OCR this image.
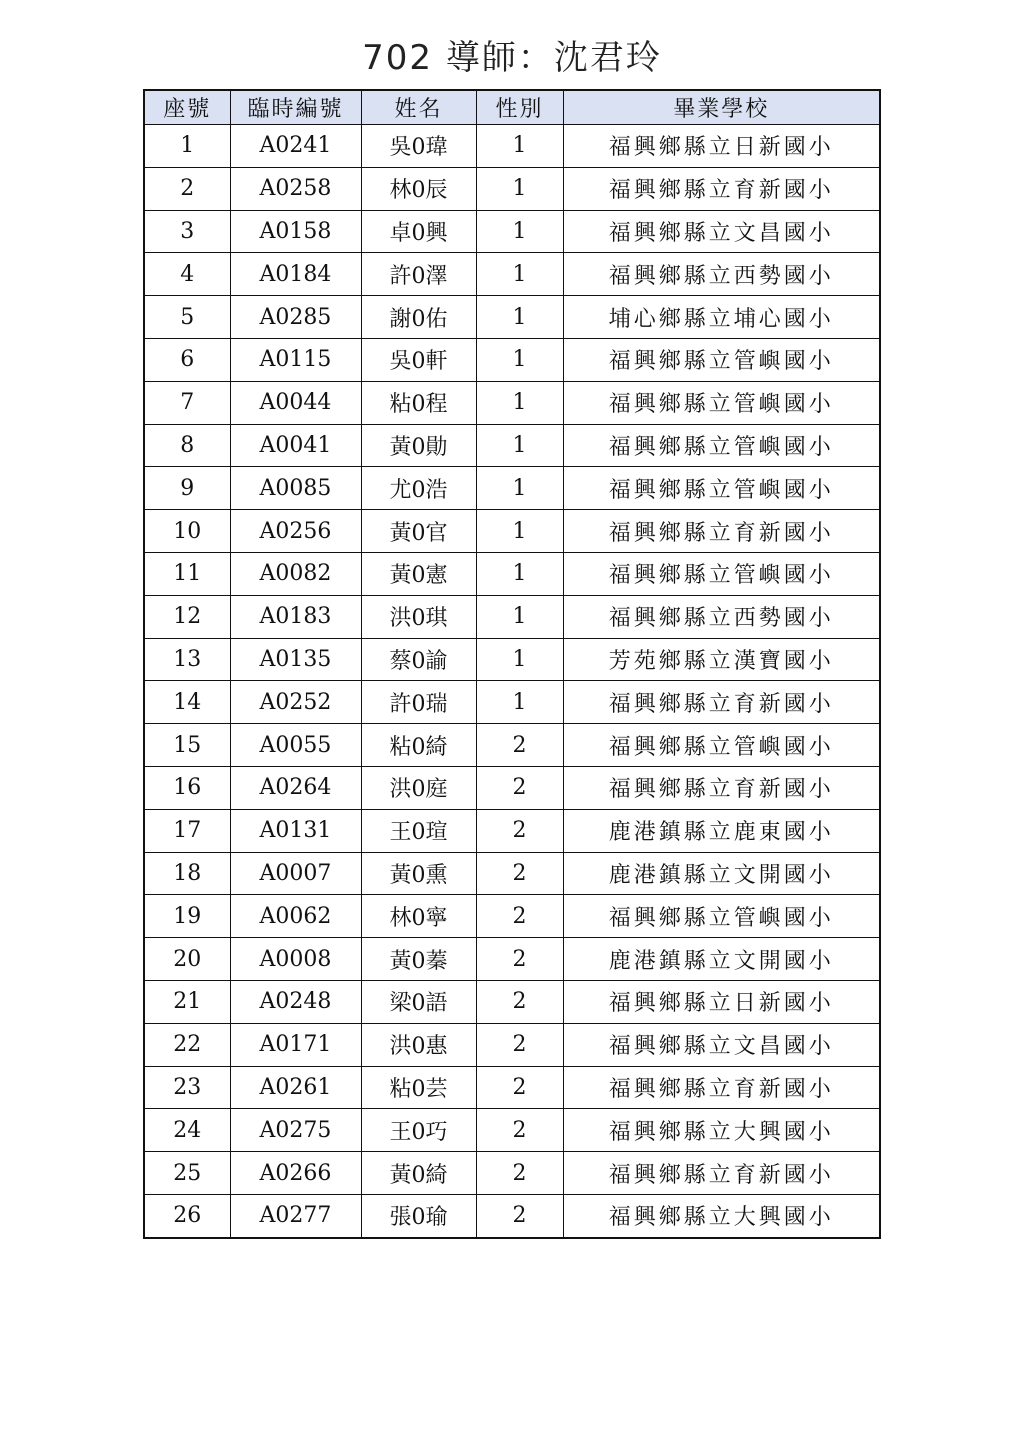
702 導師：沈君玲
座號	臨時編號	姓名	性別	畢業學校
1	A0241	吳0瑋	1	福興鄉縣立日新國小
2	A0258	林0辰	1	福興鄉縣立育新國小
3	A0158	卓0興	1	福興鄉縣立文昌國小
4	A0184	許0澤	1	福興鄉縣立西勢國小
5	A0285	謝0佑	1	埔心鄉縣立埔心國小
6	A0115	吳0軒	1	福興鄉縣立管嶼國小
7	A0044	粘0程	1	福興鄉縣立管嶼國小
8	A0041	黃0勛	1	福興鄉縣立管嶼國小
9	A0085	尤0浩	1	福興鄉縣立管嶼國小
10	A0256	黃0官	1	福興鄉縣立育新國小
11	A0082	黃0憲	1	福興鄉縣立管嶼國小
12	A0183	洪0琪	1	福興鄉縣立西勢國小
13	A0135	蔡0諭	1	芳苑鄉縣立漢寶國小
14	A0252	許0瑞	1	福興鄉縣立育新國小
15	A0055	粘0綺	2	福興鄉縣立管嶼國小
16	A0264	洪0庭	2	福興鄉縣立育新國小
17	A0131	王0瑄	2	鹿港鎮縣立鹿東國小
18	A0007	黃0熏	2	鹿港鎮縣立文開國小
19	A0062	林0寧	2	福興鄉縣立管嶼國小
20	A0008	黃0蓁	2	鹿港鎮縣立文開國小
21	A0248	梁0語	2	福興鄉縣立日新國小
22	A0171	洪0惠	2	福興鄉縣立文昌國小
23	A0261	粘0芸	2	福興鄉縣立育新國小
24	A0275	王0巧	2	福興鄉縣立大興國小
25	A0266	黃0綺	2	福興鄉縣立育新國小
26	A0277	張0瑜	2	福興鄉縣立大興國小
